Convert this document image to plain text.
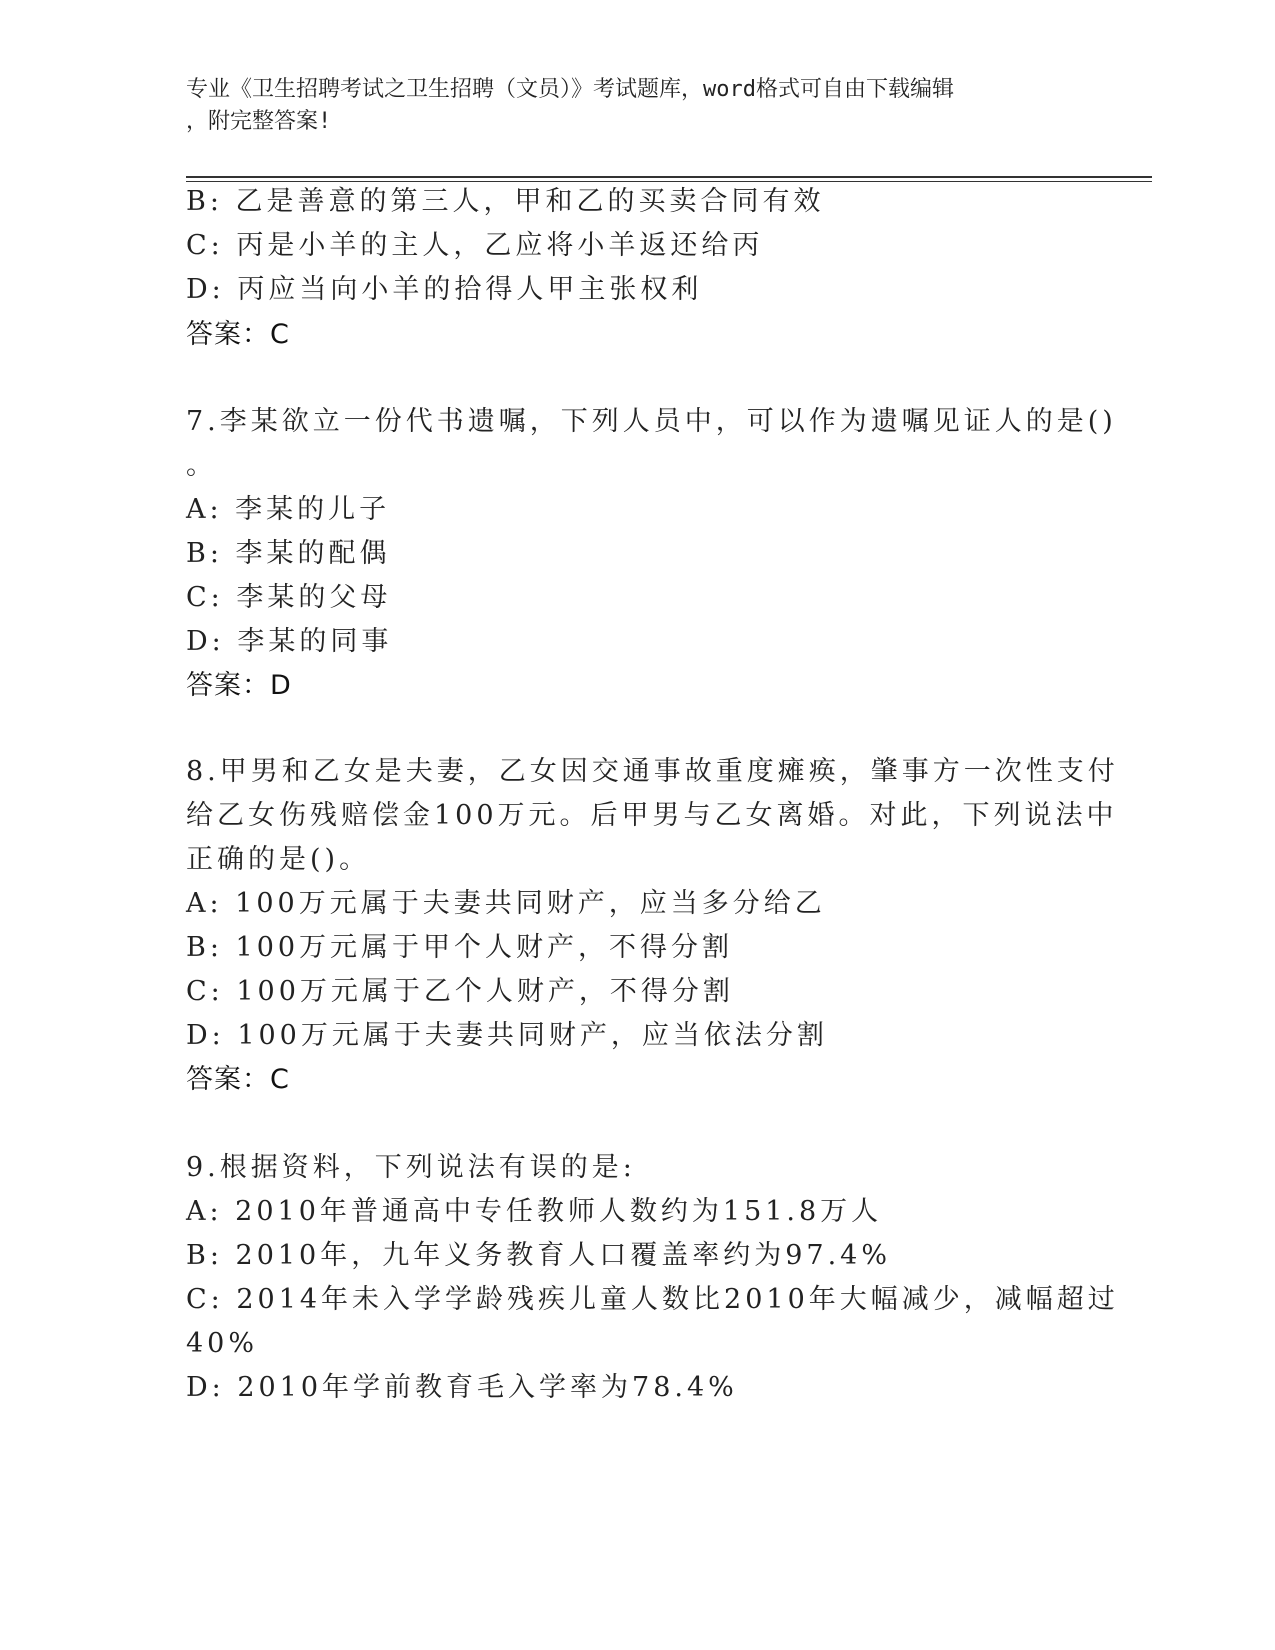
专业《卫生招聘考试之卫生招聘（文员）》考试题库，word格式可自由下载编辑
，附完整答案!
B: 乙是善意的第三人，甲和乙的买卖合同有效
C: 丙是小羊的主人，乙应将小羊返还给丙
D: 丙应当向小羊的拾得人甲主张权利
答案：C
7.李某欲立一份代书遗嘱，下列人员中，可以作为遗嘱见证人的是()
。
A: 李某的儿子
B: 李某的配偶
C: 李某的父母
D: 李某的同事
答案：D
8.甲男和乙女是夫妻，乙女因交通事故重度瘫痪，肇事方一次性支付
给乙女伤残赔偿金100万元。后甲男与乙女离婚。对此，下列说法中
正确的是()。
A: 100万元属于夫妻共同财产，应当多分给乙
B: 100万元属于甲个人财产，不得分割
C: 100万元属于乙个人财产，不得分割
D: 100万元属于夫妻共同财产，应当依法分割
答案：C
9.根据资料，下列说法有误的是:
A: 2010年普通高中专任教师人数约为151.8万人
B: 2010年，九年义务教育人口覆盖率约为97.4%
C: 2014年未入学学龄残疾儿童人数比2010年大幅减少，减幅超过
40%
D: 2010年学前教育毛入学率为78.4%
